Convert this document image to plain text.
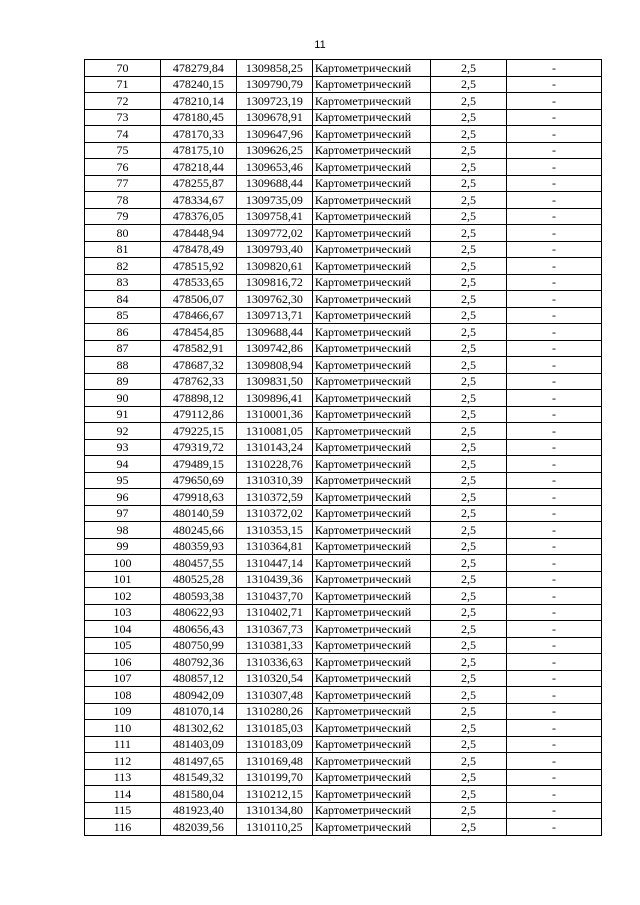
11
70	478279,84	1309858,25	Картометрический	2,5	-
71	478240,15	1309790,79	Картометрический	2,5	-
72	478210,14	1309723,19	Картометрический	2,5	-
73	478180,45	1309678,91	Картометрический	2,5	-
74	478170,33	1309647,96	Картометрический	2,5	-
75	478175,10	1309626,25	Картометрический	2,5	-
76	478218,44	1309653,46	Картометрический	2,5	-
77	478255,87	1309688,44	Картометрический	2,5	-
78	478334,67	1309735,09	Картометрический	2,5	-
79	478376,05	1309758,41	Картометрический	2,5	-
80	478448,94	1309772,02	Картометрический	2,5	-
81	478478,49	1309793,40	Картометрический	2,5	-
82	478515,92	1309820,61	Картометрический	2,5	-
83	478533,65	1309816,72	Картометрический	2,5	-
84	478506,07	1309762,30	Картометрический	2,5	-
85	478466,67	1309713,71	Картометрический	2,5	-
86	478454,85	1309688,44	Картометрический	2,5	-
87	478582,91	1309742,86	Картометрический	2,5	-
88	478687,32	1309808,94	Картометрический	2,5	-
89	478762,33	1309831,50	Картометрический	2,5	-
90	478898,12	1309896,41	Картометрический	2,5	-
91	479112,86	1310001,36	Картометрический	2,5	-
92	479225,15	1310081,05	Картометрический	2,5	-
93	479319,72	1310143,24	Картометрический	2,5	-
94	479489,15	1310228,76	Картометрический	2,5	-
95	479650,69	1310310,39	Картометрический	2,5	-
96	479918,63	1310372,59	Картометрический	2,5	-
97	480140,59	1310372,02	Картометрический	2,5	-
98	480245,66	1310353,15	Картометрический	2,5	-
99	480359,93	1310364,81	Картометрический	2,5	-
100	480457,55	1310447,14	Картометрический	2,5	-
101	480525,28	1310439,36	Картометрический	2,5	-
102	480593,38	1310437,70	Картометрический	2,5	-
103	480622,93	1310402,71	Картометрический	2,5	-
104	480656,43	1310367,73	Картометрический	2,5	-
105	480750,99	1310381,33	Картометрический	2,5	-
106	480792,36	1310336,63	Картометрический	2,5	-
107	480857,12	1310320,54	Картометрический	2,5	-
108	480942,09	1310307,48	Картометрический	2,5	-
109	481070,14	1310280,26	Картометрический	2,5	-
110	481302,62	1310185,03	Картометрический	2,5	-
111	481403,09	1310183,09	Картометрический	2,5	-
112	481497,65	1310169,48	Картометрический	2,5	-
113	481549,32	1310199,70	Картометрический	2,5	-
114	481580,04	1310212,15	Картометрический	2,5	-
115	481923,40	1310134,80	Картометрический	2,5	-
116	482039,56	1310110,25	Картометрический	2,5	-
